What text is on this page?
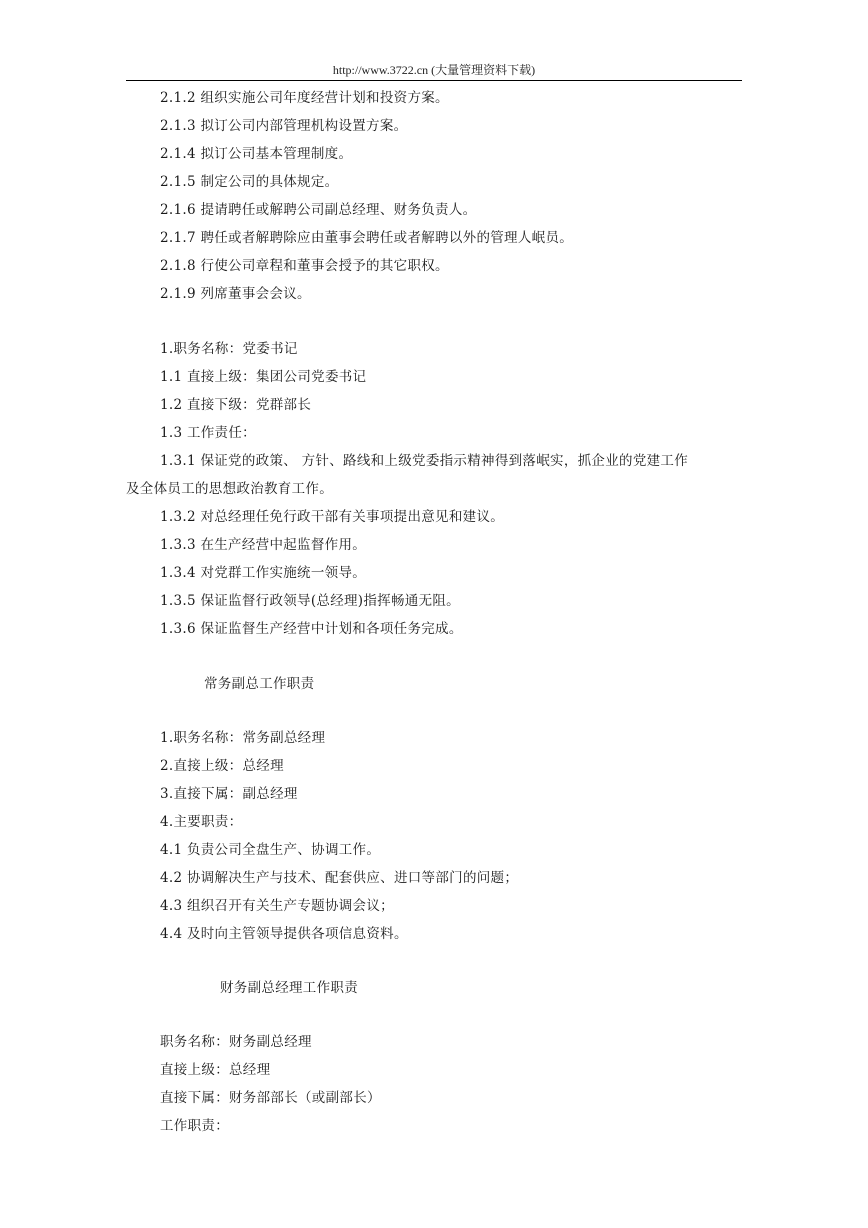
http://www.3722.cn (大量管理资料下载)
2.1.2 组织实施公司年度经营计划和投资方案。
2.1.3 拟订公司内部管理机构设置方案。
2.1.4 拟订公司基本管理制度。
2.1.5 制定公司的具体规定。
2.1.6 提请聘任或解聘公司副总经理、财务负责人。
2.1.7 聘任或者解聘除应由董事会聘任或者解聘以外的管理人岷员。
2.1.8 行使公司章程和董事会授予的其它职权。
2.1.9 列席董事会会议。
1.职务名称：党委书记
1.1 直接上级：集团公司党委书记
1.2 直接下级：党群部长
1.3 工作责任：
1.3.1 保证党的政策、 方针、路线和上级党委指示精神得到落岷实，抓企业的党建工作
及全体员工的思想政治教育工作。
1.3.2 对总经理任免行政干部有关事项提出意见和建议。
1.3.3 在生产经营中起监督作用。
1.3.4 对党群工作实施统一领导。
1.3.5 保证监督行政领导(总经理)指挥畅通无阻。
1.3.6 保证监督生产经营中计划和各项任务完成。
常务副总工作职责
1.职务名称：常务副总经理
2.直接上级：总经理
3.直接下属：副总经理
4.主要职责：
4.1 负责公司全盘生产、协调工作。
4.2 协调解决生产与技术、配套供应、进口等部门的问题；
4.3 组织召开有关生产专题协调会议；
4.4 及时向主管领导提供各项信息资料。
财务副总经理工作职责
职务名称：财务副总经理
直接上级：总经理
直接下属：财务部部长（或副部长）
工作职责：
